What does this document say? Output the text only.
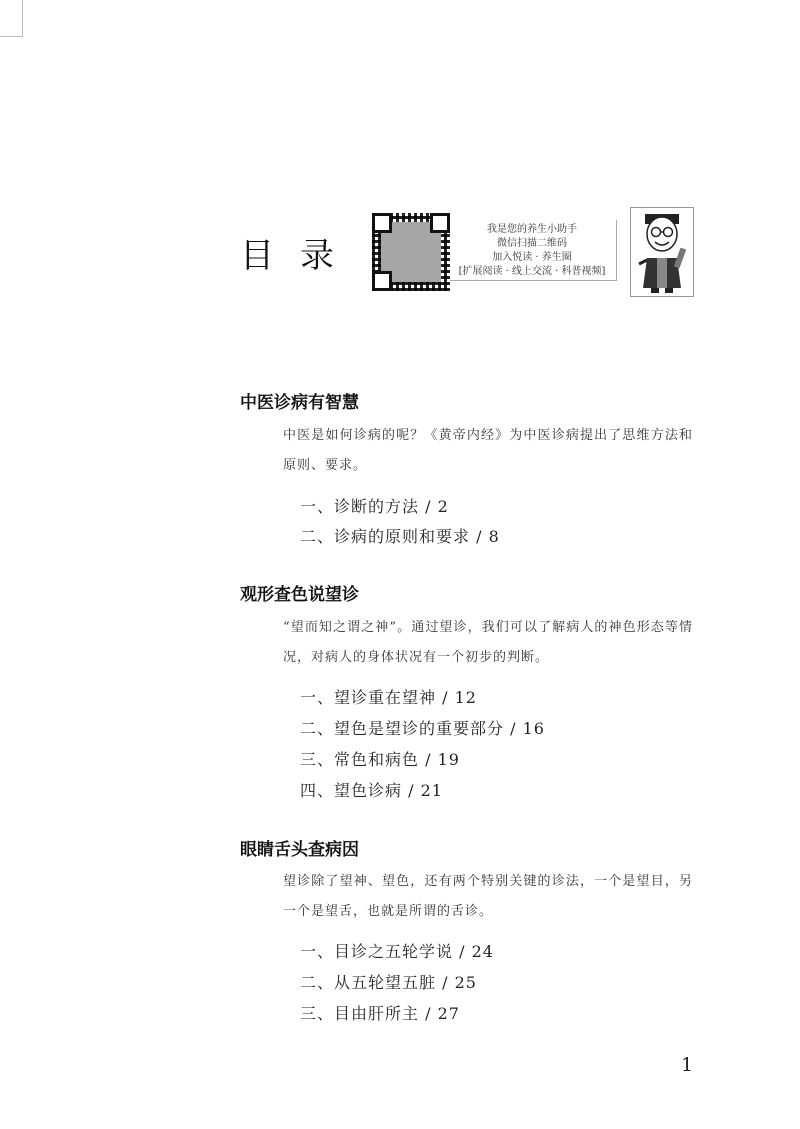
目录
我是您的养生小助手
微信扫描二维码
加入悦读 · 养生圈
[扩展阅读 · 线上交流 · 科普视频]
中医诊病有智慧
中医是如何诊病的呢？《黄帝内经》为中医诊病提出了思维方法和原则、要求。
一、诊断的方法 / 2
二、诊病的原则和要求 / 8
观形查色说望诊
“望而知之谓之神”。通过望诊，我们可以了解病人的神色形态等情况，对病人的身体状况有一个初步的判断。
一、望诊重在望神 / 12
二、望色是望诊的重要部分 / 16
三、常色和病色 / 19
四、望色诊病 / 21
眼睛舌头查病因
望诊除了望神、望色，还有两个特别关键的诊法，一个是望目，另一个是望舌，也就是所谓的舌诊。
一、目诊之五轮学说 / 24
二、从五轮望五脏 / 25
三、目由肝所主 / 27
1
